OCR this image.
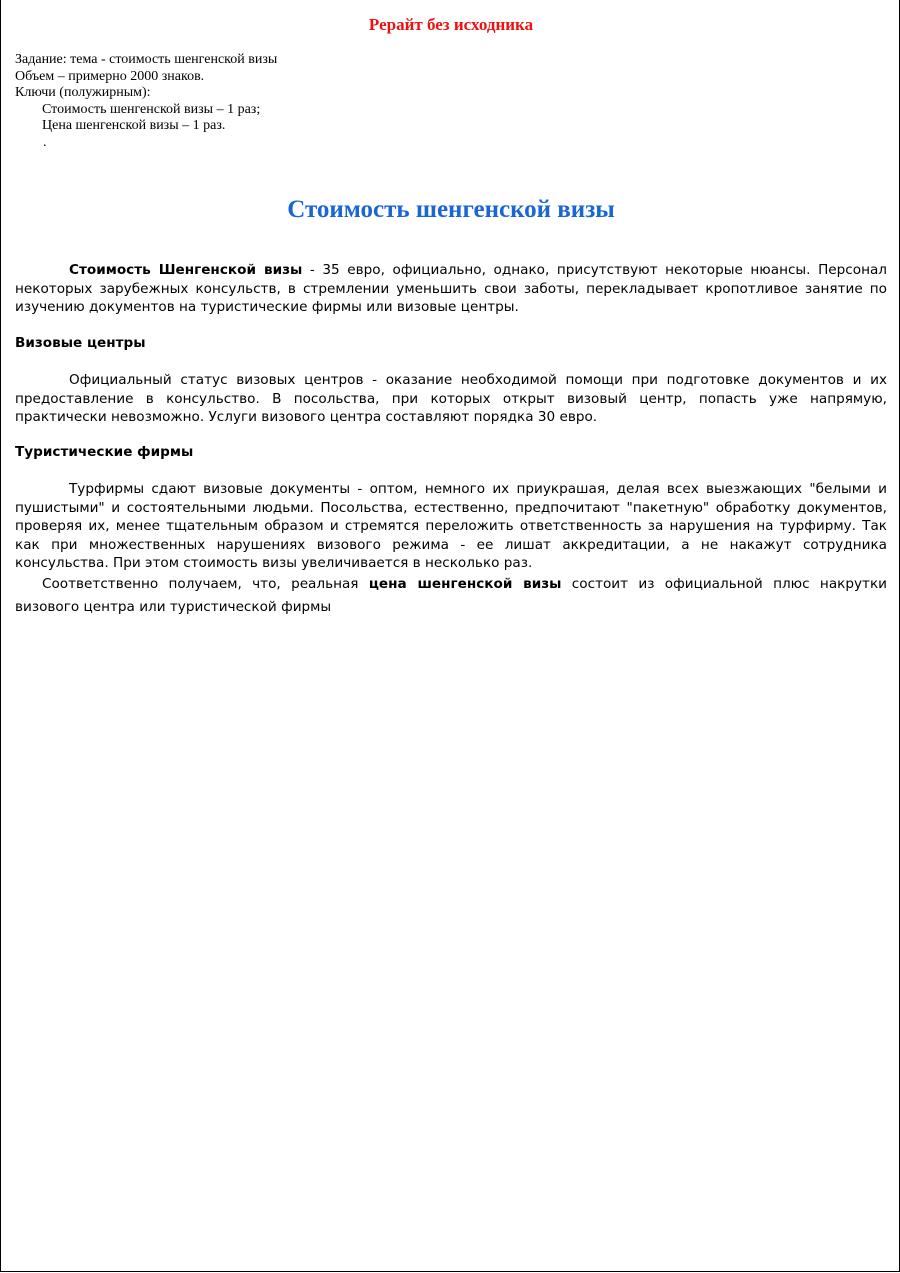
Рерайт без исходника
Задание: тема - стоимость шенгенской визы
Объем – примерно 2000 знаков.
Ключи (полужирным):
Стоимость шенгенской визы – 1 раз;
Цена шенгенской визы – 1 раз.
.
Стоимость шенгенской визы

Стоимость Шенгенской визы - 35 евро, официально, однако, присутствуют некоторые нюансы. Персонал некоторых зарубежных консульств, в стремлении уменьшить свои заботы, перекладывает кропотливое занятие по изучению документов на туристические фирмы или визовые центры.

Визовые центры

Официальный статус визовых центров - оказание необходимой помощи при подготовке документов и их предоставление в консульство. В посольства, при которых открыт визовый центр, попасть уже напрямую, практически невозможно. Услуги визового центра составляют порядка 30 евро.

Туристические фирмы

Турфирмы сдают визовые документы - оптом, немного их приукрашая, делая всех выезжающих "белыми и пушистыми" и состоятельными людьми. Посольства, естественно, предпочитают "пакетную" обработку документов, проверяя их, менее тщательным образом и стремятся переложить ответственность за нарушения на турфирму. Так как при множественных нарушениях визового режима - ее лишат аккредитации, а не накажут сотрудника консульства. При этом стоимость визы увеличивается в несколько раз.

Соответственно получаем, что, реальная цена шенгенской визы состоит из официальной плюс накрутки визового центра или туристической фирмы
